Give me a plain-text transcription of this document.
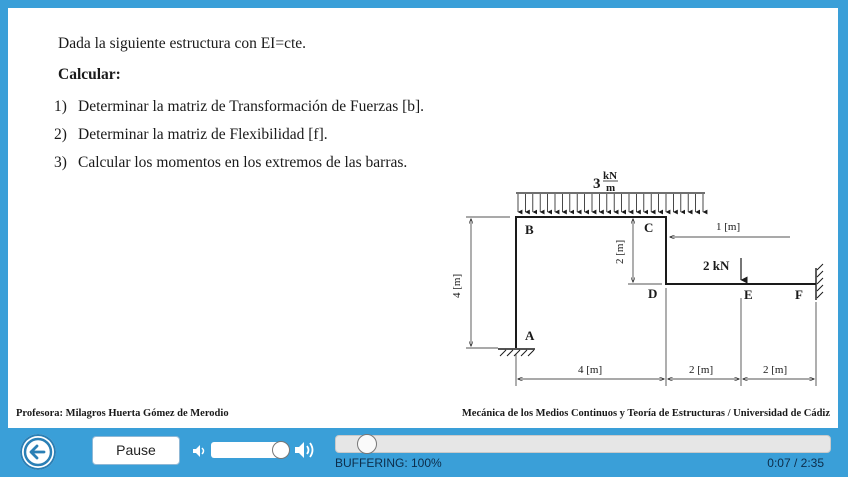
Dada la siguiente estructura con EI=cte.
Calcular:
1) Determinar la matriz de Transformación de Fuerzas [b].
2) Determinar la matriz de Flexibilidad [f].
3) Calcular los momentos en los extremos de las barras.
3 kN
m
2 kN
A
B	C
D	E	F
4 [m]
2 [m]
1 [m]
4 [m]	2 [m]	2 [m]
Profesora: Milagros Huerta Gómez de Merodio	Mecánica de los Medios Continuos y Teoría de Estructuras / Universidad de Cádiz
Pause
BUFFERING: 100%	0:07 / 2:35
